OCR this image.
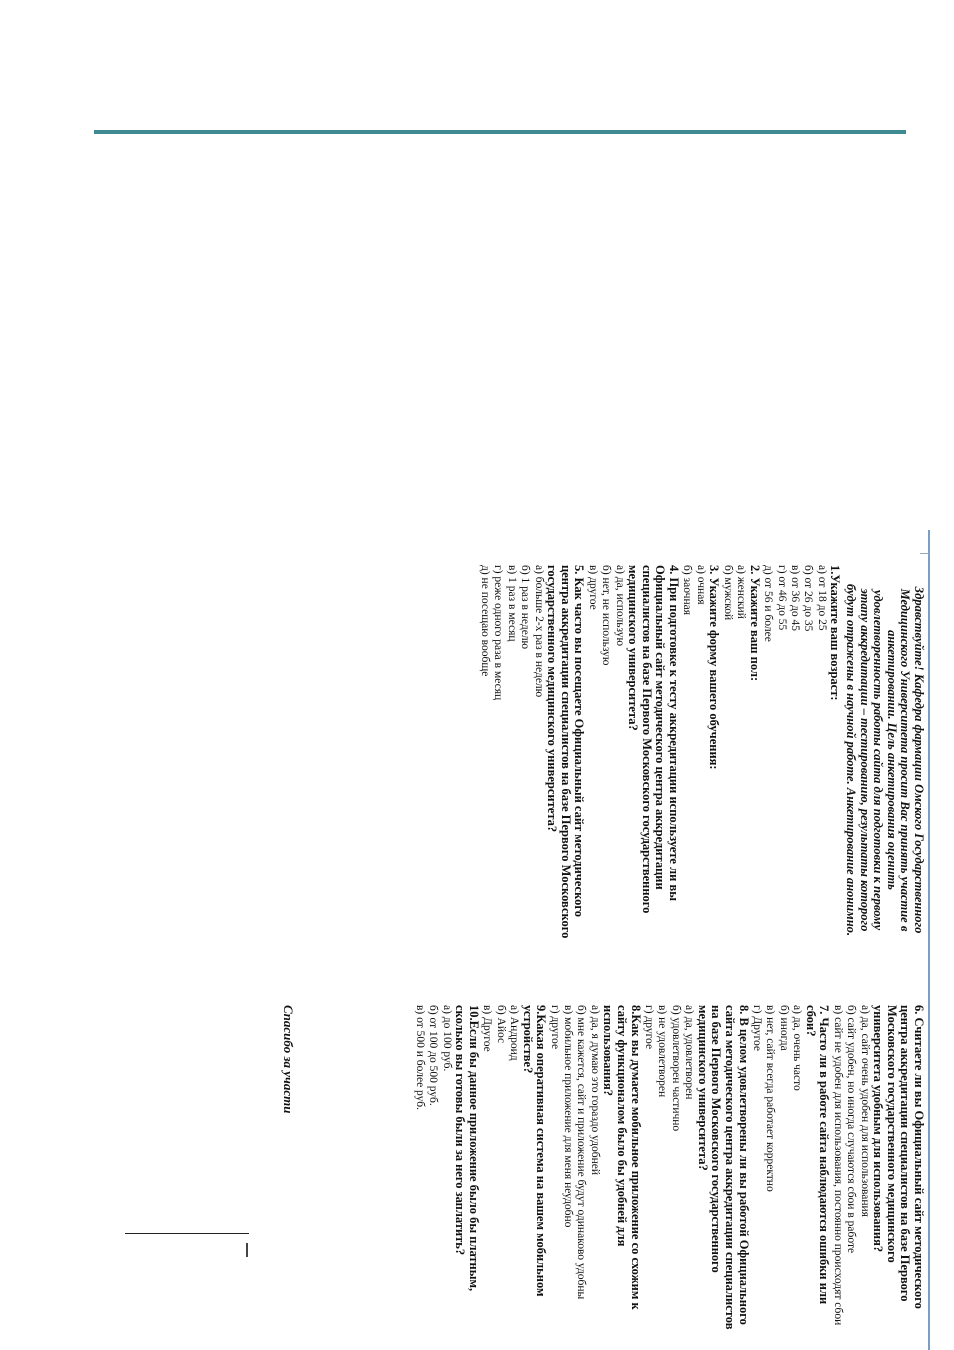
Здравствуйте! Кафедра фармации Омского Государственного Медицинского Университета просит Вас принять участие в анкетировании. Цель анкетирования оценить удовлетворенность работы сайта для подготовки к первому этапу аккредитации – тестированию, результаты которого будут отражены в научной работе. Анкетирование анонимно.

1.Укажите ваш возраст:

а) от 18 до 25

б) от 26 до 35

в) от 36 до 45

г) от 46 до 55

д) от 56 и более

2. Укажите ваш пол:

а) женский

б) мужской

3. Укажите форму вашего обучения:

а) очная

б) заочная

4. При подготовке к тесту аккредитации используете ли вы Официальный сайт методического центра аккредитации специалистов на базе Первого Московского государственного медицинского университета?

а) да, использую

б) нет, не использую

в) другое

5. Как часто вы посещаете Официальный сайт методического центра аккредитации специалистов на базе Первого Московского государственного медицинского университета?

а) больше 2-х раз в неделю

б) 1 раз в неделю

в) 1 раз в месяц

г) реже одного раза в месяц

д) не посещаю вообще

6. Считаете ли вы Официальный сайт методического центра аккредитации специалистов на базе Первого Московского государственного медицинского университета удобным для использования?

а) да, сайт очень удобен для использования

б) сайт удобен, но иногда случаются сбои в работе

в) сайт не удобен для использования, постоянно происходят сбои

7. Часто ли в работе сайта наблюдаются ошибки или сбои?

а) да, очень часто

б) иногда

в) нет, сайт всегда работает корректно

г) Другое

8. В целом удовлетворены ли вы работой Официального сайта методического центра аккредитации специалистов на базе Первого Московского государственного медицинского университета?

а) да, удовлетворен

б) удовлетворен частично

в) не удовлетворен

г) другое

8.Как вы думаете мобильное приложение со схожим к сайту функционалом было бы удобней для использования?

а) да, я думаю это гораздо удобней

б) мне кажется, сайт и приложение будут одинаково удобны

в) мобильное приложение для меня неудобно

г) другое

9.Какая оперативная система на вашем мобильном устройстве?

а) Андроид

б) Айос

в) Другое

10.Если бы данное приложение было бы платным, сколько вы готовы были за него заплатить?

а) до 100 руб.

б) от 100 до 500 руб.

в) от 500 и более руб.

Спасибо за участи
